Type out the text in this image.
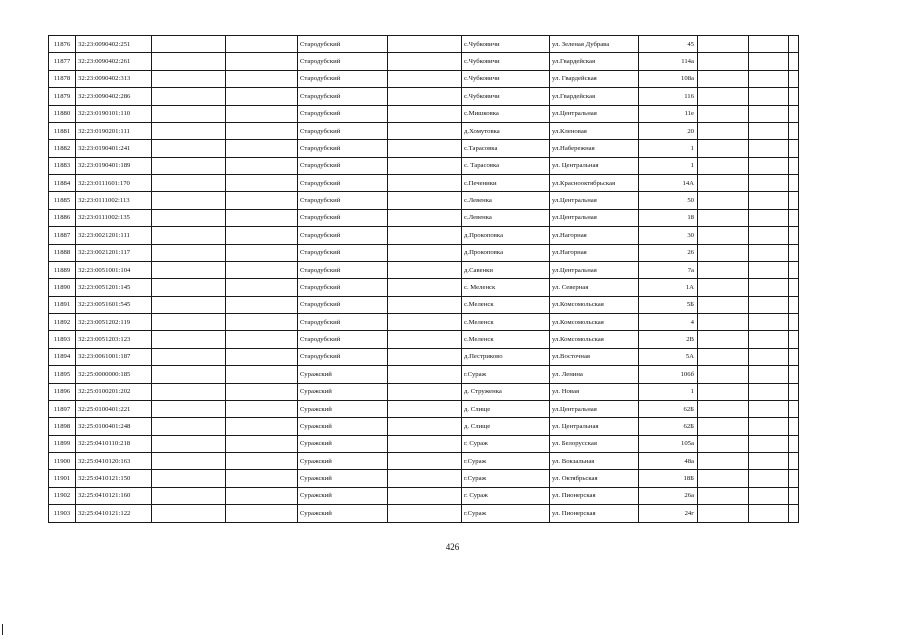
11876	32:23:0090402:251			Стародубский		с.Чубковичи	ул. Зеленая Дубрава	45			
11877	32:23:0090402:261			Стародубский		с.Чубковичи	ул.Гвардейская	114а			
11878	32:23:0090402:313			Стародубский		с.Чубковичи	ул. Гвардейская	108а			
11879	32:23:0090402:286			Стародубский		с.Чубковичи	ул.Гвардейская	116			
11880	32:23:0190101:110			Стародубский		с.Мишковка	ул.Центральная	11е			
11881	32:23:0190201:111			Стародубский		д.Хомутовка	ул.Кленовая	20			
11882	32:23:0190401:241			Стародубский		с.Тарасовка	ул.Набережная	1			
11883	32:23:0190401:189			Стародубский		с. Тарасовка	ул. Центральная	1			
11884	32:23:0111601:170			Стародубский		с.Печеники	ул.Краснооктябрьская	14А			
11885	32:23:0111002:113			Стародубский		с.Левенка	ул.Центральная	50			
11886	32:23:0111002:135			Стародубский		с.Левенка	ул.Центральная	18			
11887	32:23:0021201:111			Стародубский		д.Прокоповка	ул.Нагорная	30			
11888	32:23:0021201:117			Стародубский		д.Прокоповка	ул.Нагорная	26			
11889	32:23:0051001:104			Стародубский		д.Савенки	ул.Центральная	7а			
11890	32:23:0051201:145			Стародубский		с. Меленск	ул. Северная	1А			
11891	32:23:0051601:545			Стародубский		с.Меленск	ул.Комсомольская	5Б			
11892	32:23:0051202:119			Стародубский		с.Меленск	ул.Комсомольская	4			
11893	32:23:0051203:123			Стародубский		с.Меленск	ул.Комсомольская	2В			
11894	32:23:0061001:187			Стародубский		д.Пестриково	ул.Восточная	5А			
11895	32:25:0000000:185			Суражский		г.Сураж	ул. Ленина	106б			
11896	32:25:0100201:202			Суражский		д. Струженка	ул. Новая	1			
11897	32:25:0100401:221			Суражский		д. Слище	ул.Центральная	62Б			
11898	32:25:0100401:248			Суражский		д. Слище	ул. Центральная	62Б			
11899	32:25:0410110:218			Суражский		г. Сураж	ул. Белорусская	105а			
11900	32:25:0410120:163			Суражский		г.Сураж	ул. Вокзальная	48а			
11901	32:25:0410121:150			Суражский		г.Сураж	ул. Октябрьская	18Б			
11902	32:25:0410121:160			Суражский		г. Сураж	ул. Пионерская	26а			
11903	32:25:0410121:122			Суражский		г.Сураж	ул. Пионерская	24г			
426
